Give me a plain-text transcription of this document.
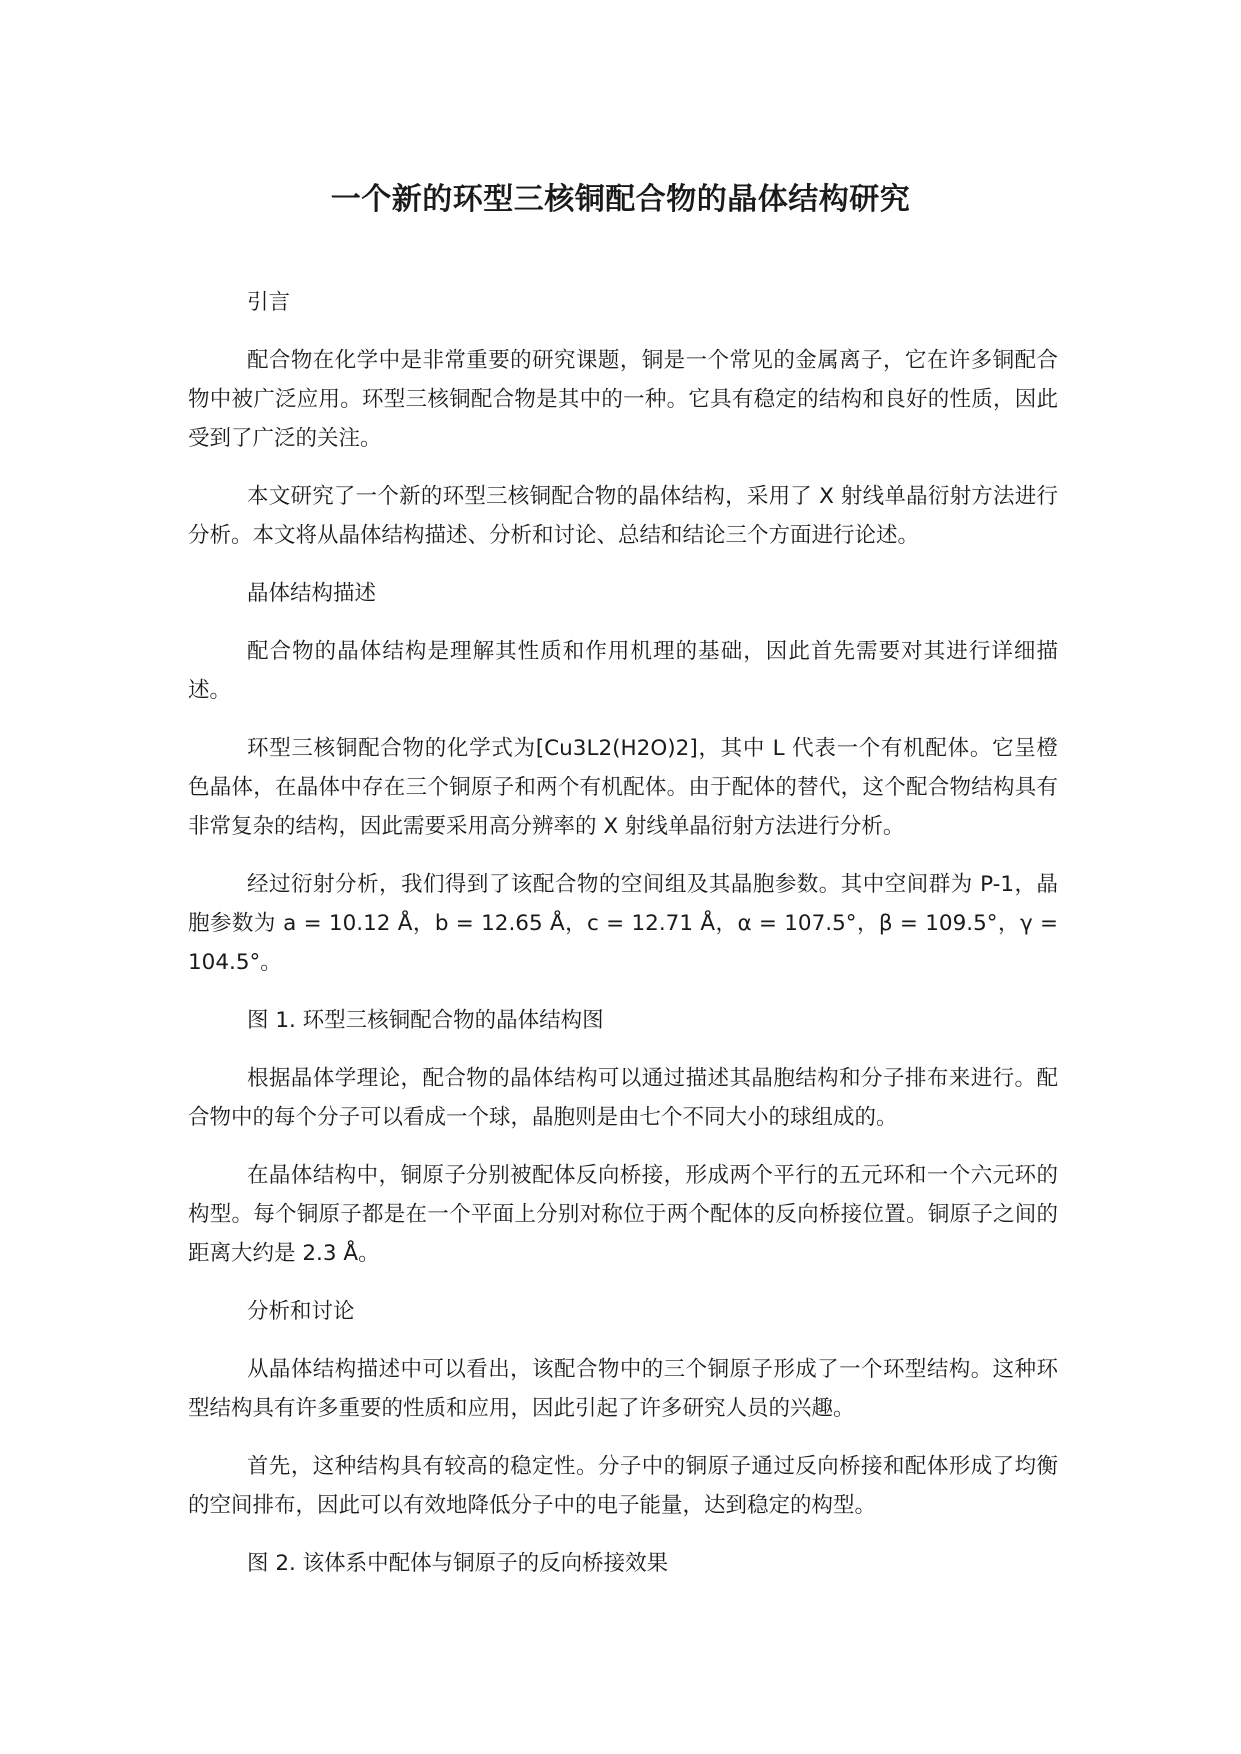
一个新的环型三核铜配合物的晶体结构研究

引言

配合物在化学中是非常重要的研究课题，铜是一个常见的金属离子，它在许多铜配合物中被广泛应用。环型三核铜配合物是其中的一种。它具有稳定的结构和良好的性质，因此受到了广泛的关注。

本文研究了一个新的环型三核铜配合物的晶体结构，采用了 X 射线单晶衍射方法进行分析。本文将从晶体结构描述、分析和讨论、总结和结论三个方面进行论述。

晶体结构描述

配合物的晶体结构是理解其性质和作用机理的基础，因此首先需要对其进行详细描述。

环型三核铜配合物的化学式为[Cu3L2(H2O)2]，其中 L 代表一个有机配体。它呈橙色晶体，在晶体中存在三个铜原子和两个有机配体。由于配体的替代，这个配合物结构具有非常复杂的结构，因此需要采用高分辨率的 X 射线单晶衍射方法进行分析。

经过衍射分析，我们得到了该配合物的空间组及其晶胞参数。其中空间群为 P-1，晶胞参数为 a = 10.12 Å，b = 12.65 Å，c = 12.71 Å，α = 107.5°，β = 109.5°，γ = 104.5°。

图 1. 环型三核铜配合物的晶体结构图

根据晶体学理论，配合物的晶体结构可以通过描述其晶胞结构和分子排布来进行。配合物中的每个分子可以看成一个球，晶胞则是由七个不同大小的球组成的。

在晶体结构中，铜原子分别被配体反向桥接，形成两个平行的五元环和一个六元环的构型。每个铜原子都是在一个平面上分别对称位于两个配体的反向桥接位置。铜原子之间的距离大约是 2.3 Å。

分析和讨论

从晶体结构描述中可以看出，该配合物中的三个铜原子形成了一个环型结构。这种环型结构具有许多重要的性质和应用，因此引起了许多研究人员的兴趣。

首先，这种结构具有较高的稳定性。分子中的铜原子通过反向桥接和配体形成了均衡的空间排布，因此可以有效地降低分子中的电子能量，达到稳定的构型。

图 2. 该体系中配体与铜原子的反向桥接效果
